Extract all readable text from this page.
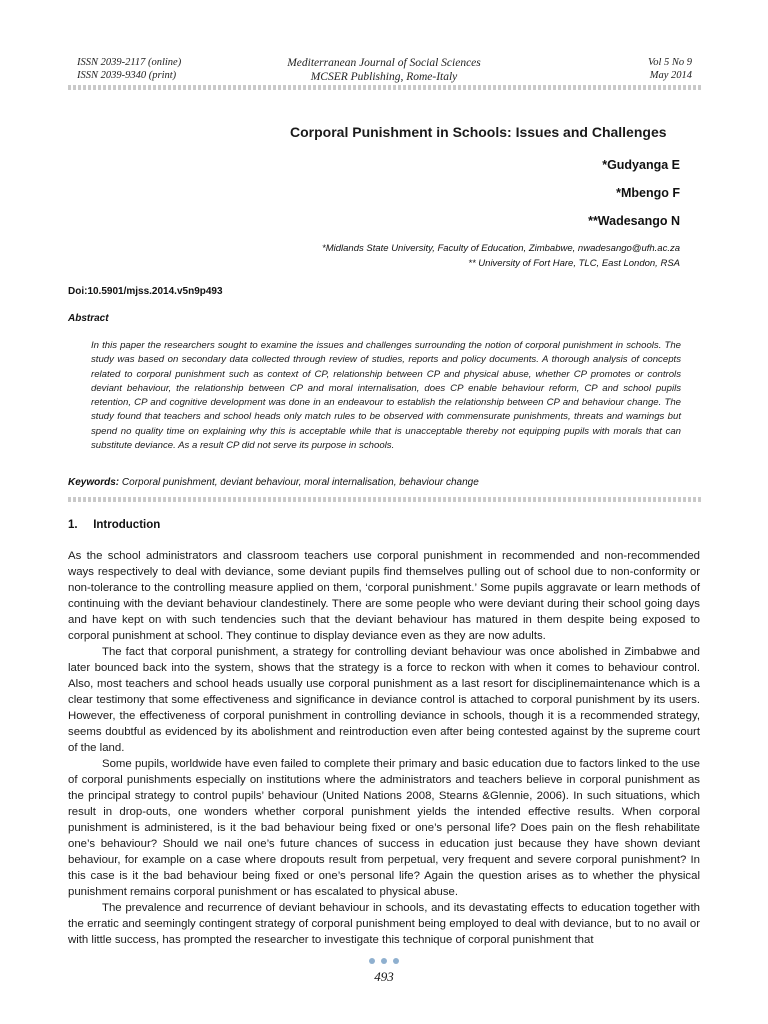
ISSN 2039-2117 (online)
ISSN 2039-9340 (print)
Mediterranean Journal of Social Sciences
MCSER Publishing, Rome-Italy
Vol 5 No 9
May 2014
Corporal Punishment in Schools: Issues and Challenges
*Gudyanga E
*Mbengo F
**Wadesango N
*Midlands State University, Faculty of Education, Zimbabwe, nwadesango@ufh.ac.za
** University of Fort Hare, TLC, East London, RSA
Doi:10.5901/mjss.2014.v5n9p493
Abstract
In this paper the researchers sought to examine the issues and challenges surrounding the notion of corporal punishment in schools. The study was based on secondary data collected through review of studies, reports and policy documents. A thorough analysis of concepts related to corporal punishment such as context of CP, relationship between CP and physical abuse, whether CP promotes or controls deviant behaviour, the relationship between CP and moral internalisation, does CP enable behaviour reform, CP and school pupils retention, CP and cognitive development was done in an endeavour to establish the relationship between CP and behaviour change. The study found that teachers and school heads only match rules to be observed with commensurate punishments, threats and warnings but spend no quality time on explaining why this is acceptable while that is unacceptable thereby not equipping pupils with morals that can substitute deviance. As a result CP did not serve its purpose in schools.
Keywords: Corporal punishment, deviant behaviour, moral internalisation, behaviour change
1. Introduction

As the school administrators and classroom teachers use corporal punishment in recommended and non-recommended ways respectively to deal with deviance, some deviant pupils find themselves pulling out of school due to non-conformity or non-tolerance to the controlling measure applied on them, ‘corporal punishment.’ Some pupils aggravate or learn methods of continuing with the deviant behaviour clandestinely. There are some people who were deviant during their school going days and have kept on with such tendencies such that the deviant behaviour has matured in them despite being exposed to corporal punishment at school. They continue to display deviance even as they are now adults.

The fact that corporal punishment, a strategy for controlling deviant behaviour was once abolished in Zimbabwe and later bounced back into the system, shows that the strategy is a force to reckon with when it comes to behaviour control. Also, most teachers and school heads usually use corporal punishment as a last resort for disciplinemaintenance which is a clear testimony that some effectiveness and significance in deviance control is attached to corporal punishment by its users. However, the effectiveness of corporal punishment in controlling deviance in schools, though it is a recommended strategy, seems doubtful as evidenced by its abolishment and reintroduction even after being contested against by the supreme court of the land.

Some pupils, worldwide have even failed to complete their primary and basic education due to factors linked to the use of corporal punishments especially on institutions where the administrators and teachers believe in corporal punishment as the principal strategy to control pupils’ behaviour (United Nations 2008, Stearns &Glennie, 2006). In such situations, which result in drop-outs, one wonders whether corporal punishment yields the intended effective results. When corporal punishment is administered, is it the bad behaviour being fixed or one’s personal life? Does pain on the flesh rehabilitate one’s behaviour? Should we nail one’s future chances of success in education just because they have shown deviant behaviour, for example on a case where dropouts result from perpetual, very frequent and severe corporal punishment? In this case is it the bad behaviour being fixed or one’s personal life? Again the question arises as to whether the physical punishment remains corporal punishment or has escalated to physical abuse.

The prevalence and recurrence of deviant behaviour in schools, and its devastating effects to education together with the erratic and seemingly contingent strategy of corporal punishment being employed to deal with deviance, but to no avail or with little success, has prompted the researcher to investigate this technique of corporal punishment that

493
